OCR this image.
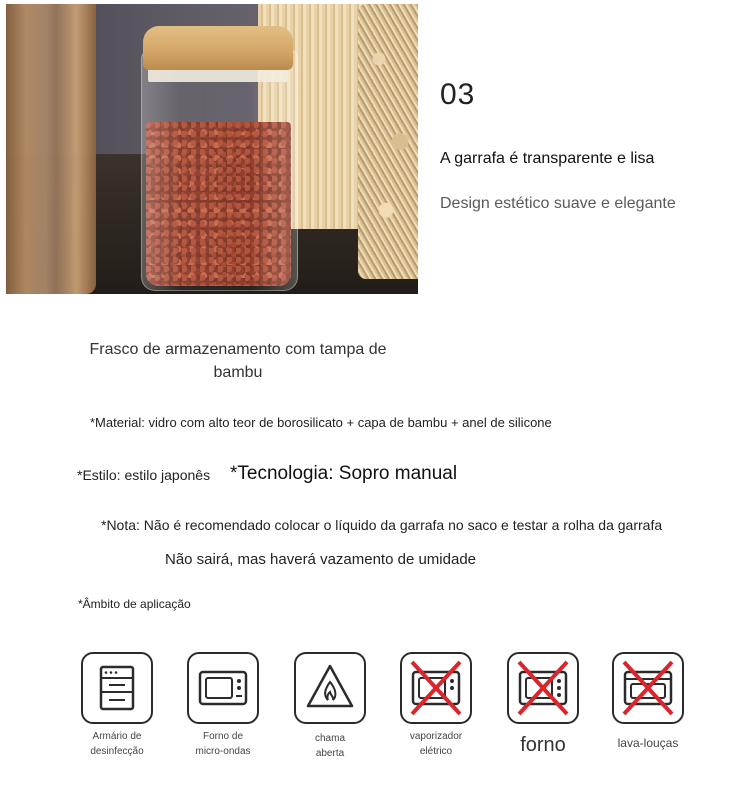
03
A garrafa é transparente e lisa
Design estético suave e elegante
Frasco de armazenamento com tampa de bambu
*Material: vidro com alto teor de borosilicato + capa de bambu + anel de silicone
*Estilo: estilo japonês *Tecnologia: Sopro manual
*Nota: Não é recomendado colocar o líquido da garrafa no saco e testar a rolha da garrafa
Não sairá, mas haverá vazamento de umidade
*Âmbito de aplicação
Armário de
desinfecção
Forno de
micro-ondas
chama
aberta
vaporizador
elétrico	forno	lava-louças
